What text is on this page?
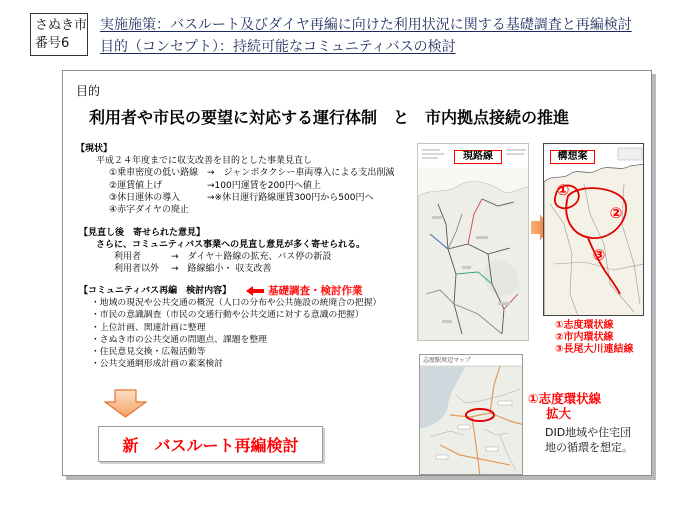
さぬき市
番号6
実施施策：バスルート及びダイヤ再編に向けた利用状況に関する基礎調査と再編検討
目的（コンセプト）：持続可能なコミュニティバスの検討
目的
利用者や市民の要望に対応する運行体制　と　市内拠点接続の推進
【現状】
平成２４年度までに収支改善を目的とした事業見直し
①乗車密度の低い路線 →　ジャンボタクシー車両導入による支出削減
②運賃値上げ	→100円運賃を200円へ値上
③休日運休の導入	→※休日運行路線運賃300円から500円へ
④赤字ダイヤの廃止
【見直し後　寄せられた意見】
さらに、コミュニティバス事業への見直し意見が多く寄せられる。
利用者	→　ダイヤ＋路線の拡充、バス停の新設
利用者以外 →　路線縮小・ 収支改善
【コミュニティバス再編　検討内容】
・地域の現況や公共交通の概況（人口の分布や公共施設の統廃合の把握）
・市民の意識調査（市民の交通行動や公共交通に対する意識の把握）
・上位計画、関連計画に整理
・さぬき市の公共交通の問題点、課題を整理
・住民意見交換・広報活動等
・公共交通網形成計画の素案検討
基礎調査・検討作業
新　バスルート再編検討
現路線	構想案
①
②
③
①志度環状線
②市内環状線
③長尾大川連結線
志度駅周辺マップ
①志度環状線
拡大
DID地域や住宅団
地の循環を想定。
